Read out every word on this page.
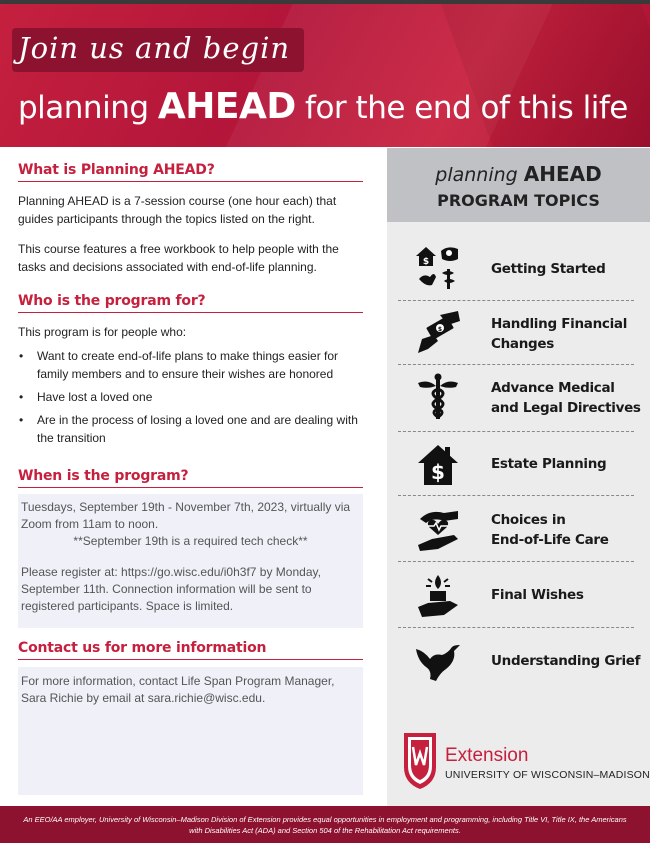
Join us and begin
planning AHEAD for the end of this life
What is Planning AHEAD?
Planning AHEAD is a 7-session course (one hour each) that guides participants through the topics listed on the right.
This course features a free workbook to help people with the tasks and decisions associated with end-of-life planning.
Who is the program for?
This program is for people who:
• Want to create end-of-life plans to make things easier for family members and to ensure their wishes are honored
• Have lost a loved one
• Are in the process of losing a loved one and are dealing with the transition
When is the program?
Tuesdays, September 19th - November 7th, 2023, virtually via Zoom from 11am to noon.
**September 19th is a required tech check**
Please register at: https://go.wisc.edu/i0h3f7 by Monday, September 11th. Connection information will be sent to registered participants. Space is limited.
Contact us for more information
For more information, contact Life Span Program Manager, Sara Richie by email at sara.richie@wisc.edu.
planning AHEAD
PROGRAM TOPICS
$	Getting Started
$	Handling Financial
Changes
Advance Medical
and Legal Directives
$	Estate Planning
Choices in
End-of-Life Care
Final Wishes
Understanding Grief
Extension
UNIVERSITY OF WISCONSIN–MADISON
An EEO/AA employer, University of Wisconsin–Madison Division of Extension provides equal opportunities in employment and programming, including Title VI, Title IX, the Americans with Disabilities Act (ADA) and Section 504 of the Rehabilitation Act requirements.
